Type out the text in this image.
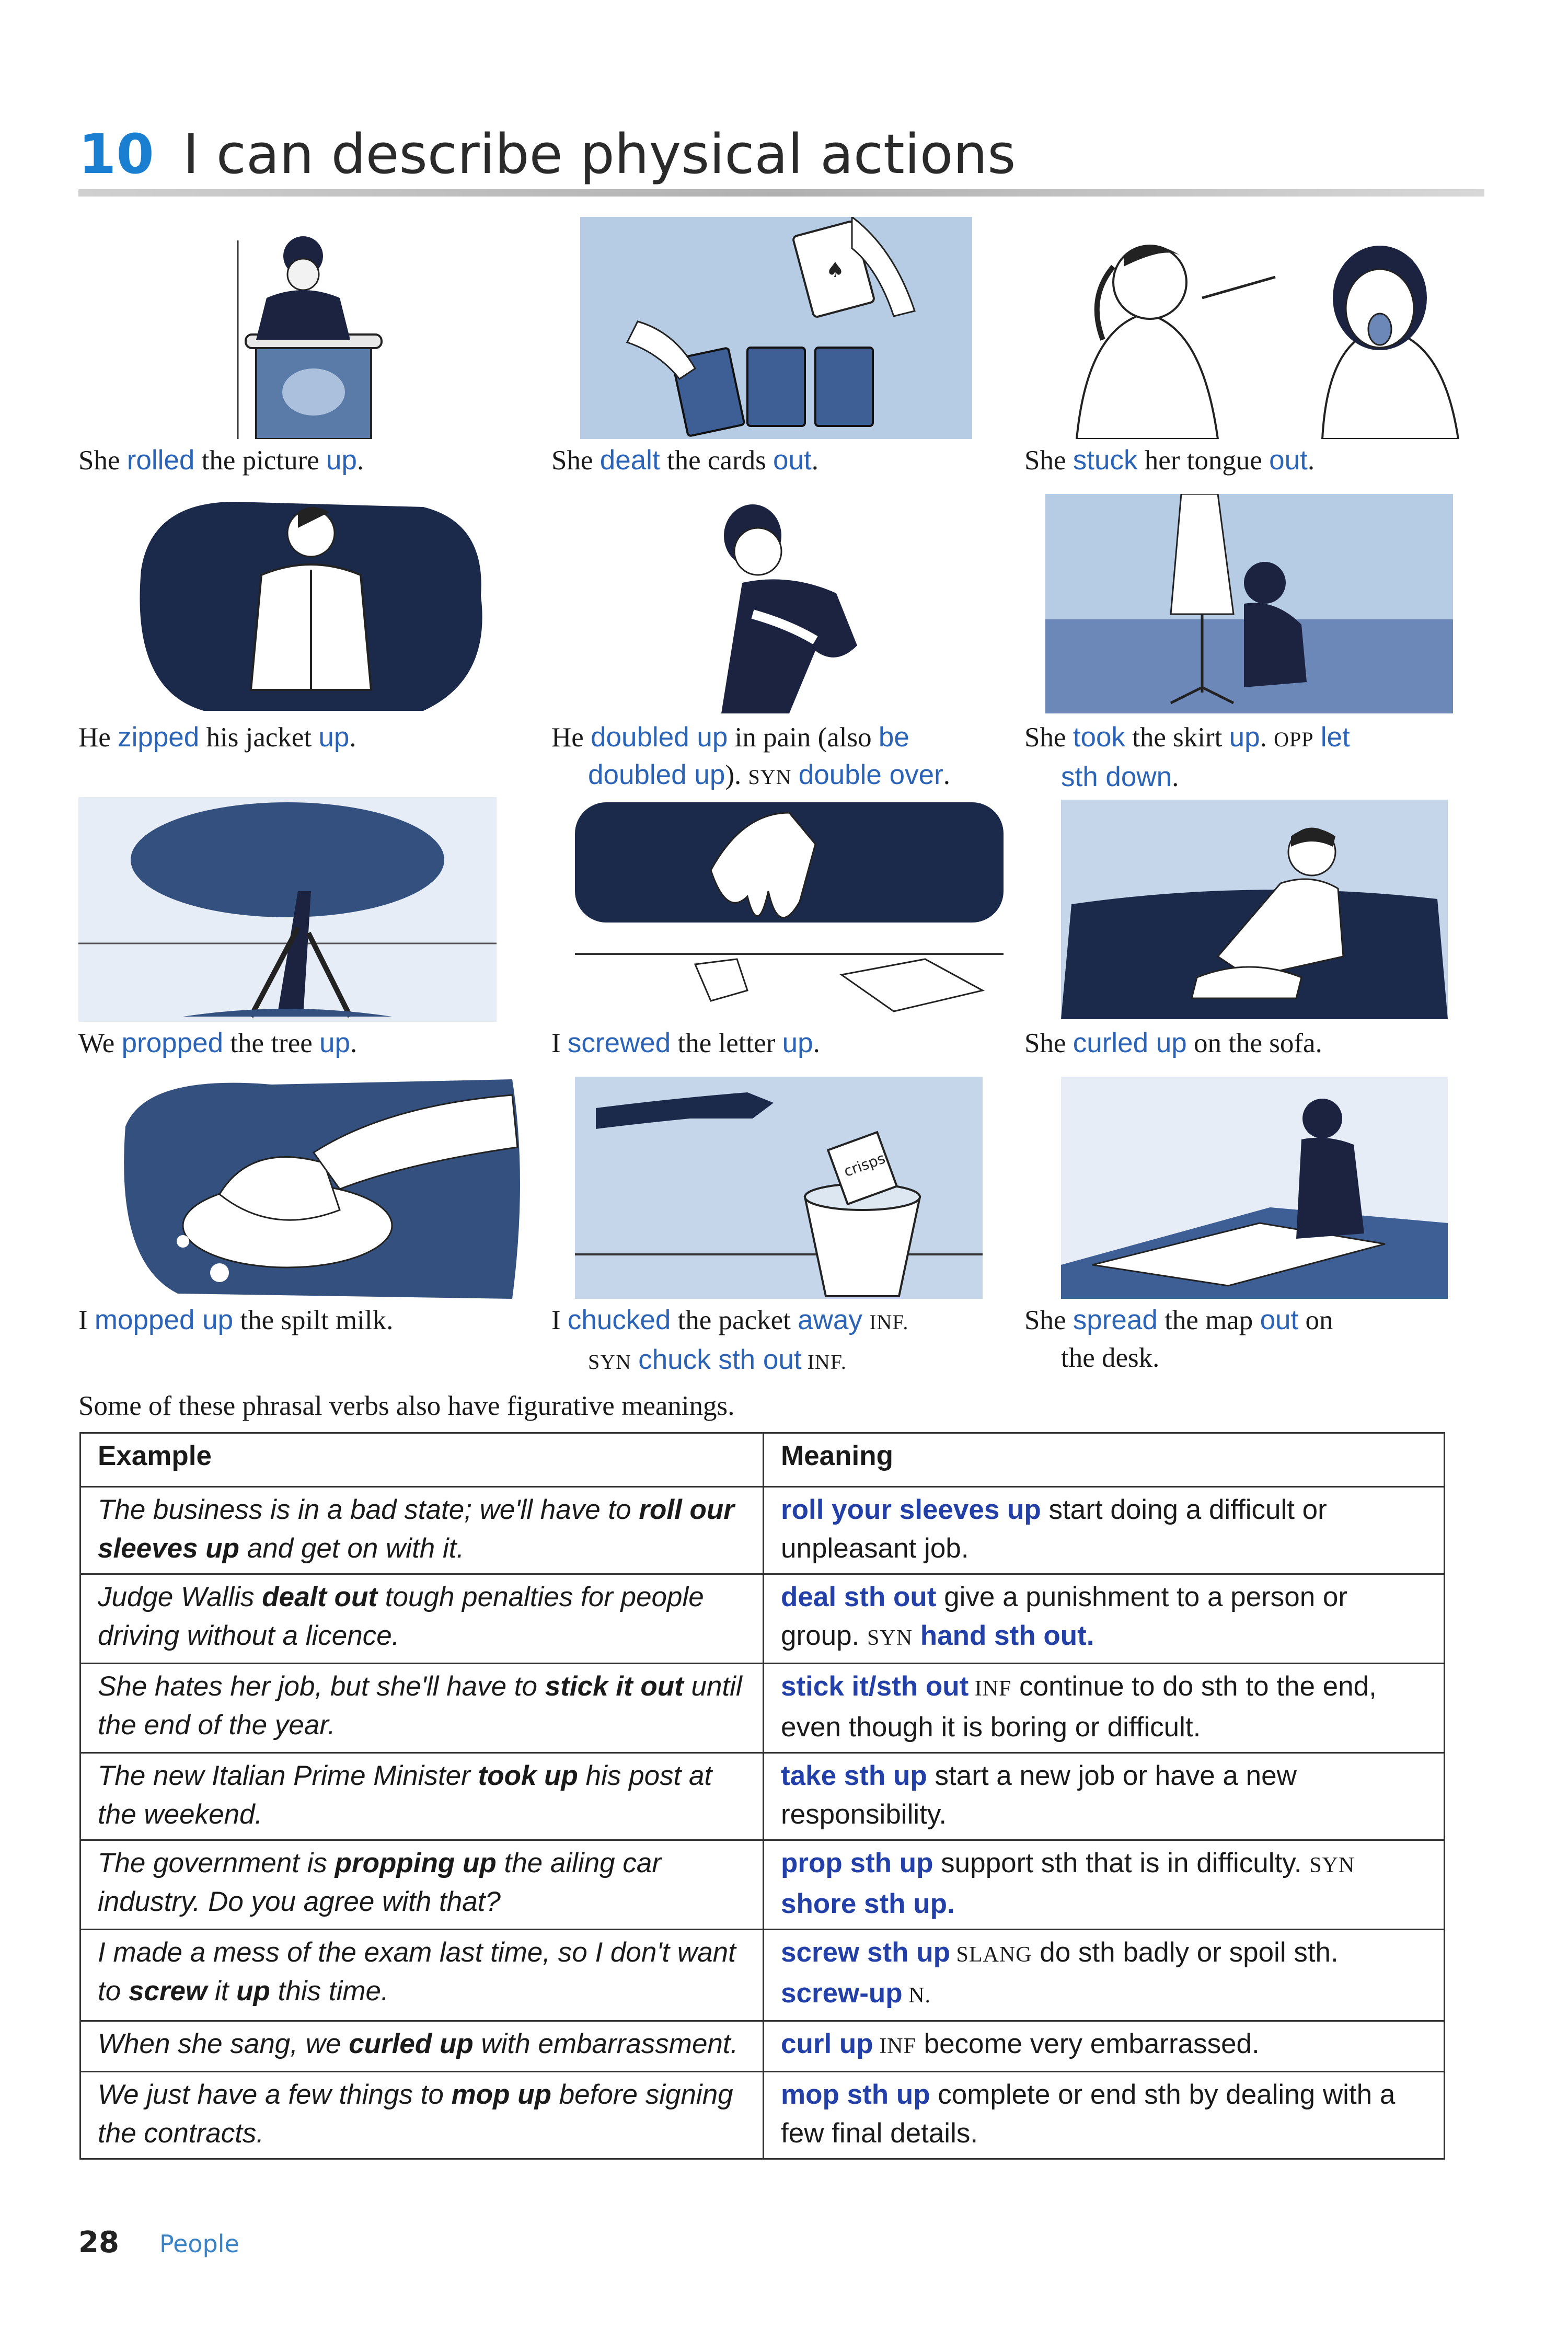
10 I can describe physical actions
She rolled the picture up.
♠
She dealt the cards out.	She stuck her tongue out.
He zipped his jacket up.	He doubled up in pain (also be
doubled up). SYN double over.
She took the skirt up. OPP let
sth down.
We propped the tree up.	I screwed the letter up.	She curled up on the sofa.
I mopped up the spilt milk.
crisps
I chucked the packet away INF.
SYN chuck sth out INF.
She spread the map out on
the desk.
Some of these phrasal verbs also have figurative meanings.
Example	Meaning
The business is in a bad state; we'll have to roll our sleeves up and get on with it.	roll your sleeves up start doing a difficult or unpleasant job.
Judge Wallis dealt out tough penalties for people driving without a licence.	deal sth out give a punishment to a person or group. SYN hand sth out.
She hates her job, but she'll have to stick it out until the end of the year.	stick it/sth out INF continue to do sth to the end, even though it is boring or difficult.
The new Italian Prime Minister took up his post at the weekend.	take sth up start a new job or have a new responsibility.
The government is propping up the ailing car industry. Do you agree with that?	prop sth up support sth that is in difficulty. SYN shore sth up.
I made a mess of the exam last time, so I don't want to screw it up this time.	screw sth up SLANG do sth badly or spoil sth. screw-up N.
When she sang, we curled up with embarrassment.	curl up INF become very embarrassed.
We just have a few things to mop up before signing the contracts.	mop sth up complete or end sth by dealing with a few final details.
28 People
